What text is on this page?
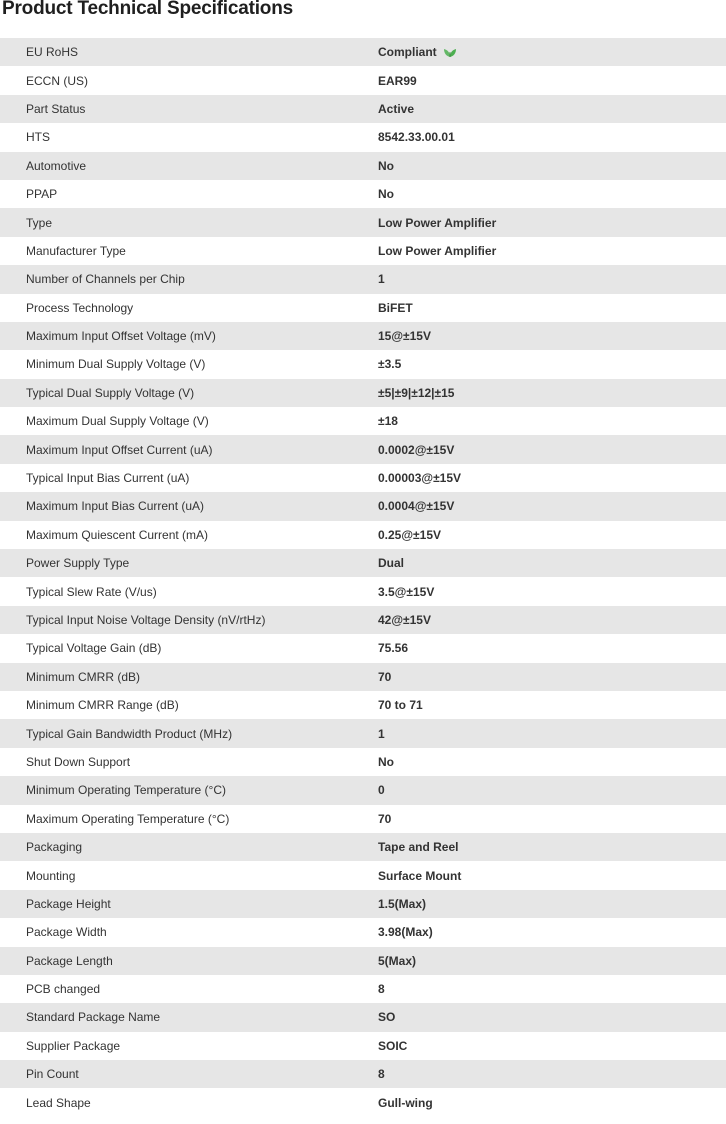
Product Technical Specifications
EU RoHS	Compliant
ECCN (US)	EAR99
Part Status	Active
HTS	8542.33.00.01
Automotive	No
PPAP	No
Type	Low Power Amplifier
Manufacturer Type	Low Power Amplifier
Number of Channels per Chip	1
Process Technology	BiFET
Maximum Input Offset Voltage (mV)	15@±15V
Minimum Dual Supply Voltage (V)	±3.5
Typical Dual Supply Voltage (V)	±5|±9|±12|±15
Maximum Dual Supply Voltage (V)	±18
Maximum Input Offset Current (uA)	0.0002@±15V
Typical Input Bias Current (uA)	0.00003@±15V
Maximum Input Bias Current (uA)	0.0004@±15V
Maximum Quiescent Current (mA)	0.25@±15V
Power Supply Type	Dual
Typical Slew Rate (V/us)	3.5@±15V
Typical Input Noise Voltage Density (nV/rtHz)	42@±15V
Typical Voltage Gain (dB)	75.56
Minimum CMRR (dB)	70
Minimum CMRR Range (dB)	70 to 71
Typical Gain Bandwidth Product (MHz)	1
Shut Down Support	No
Minimum Operating Temperature (°C)	0
Maximum Operating Temperature (°C)	70
Packaging	Tape and Reel
Mounting	Surface Mount
Package Height	1.5(Max)
Package Width	3.98(Max)
Package Length	5(Max)
PCB changed	8
Standard Package Name	SO
Supplier Package	SOIC
Pin Count	8
Lead Shape	Gull-wing
